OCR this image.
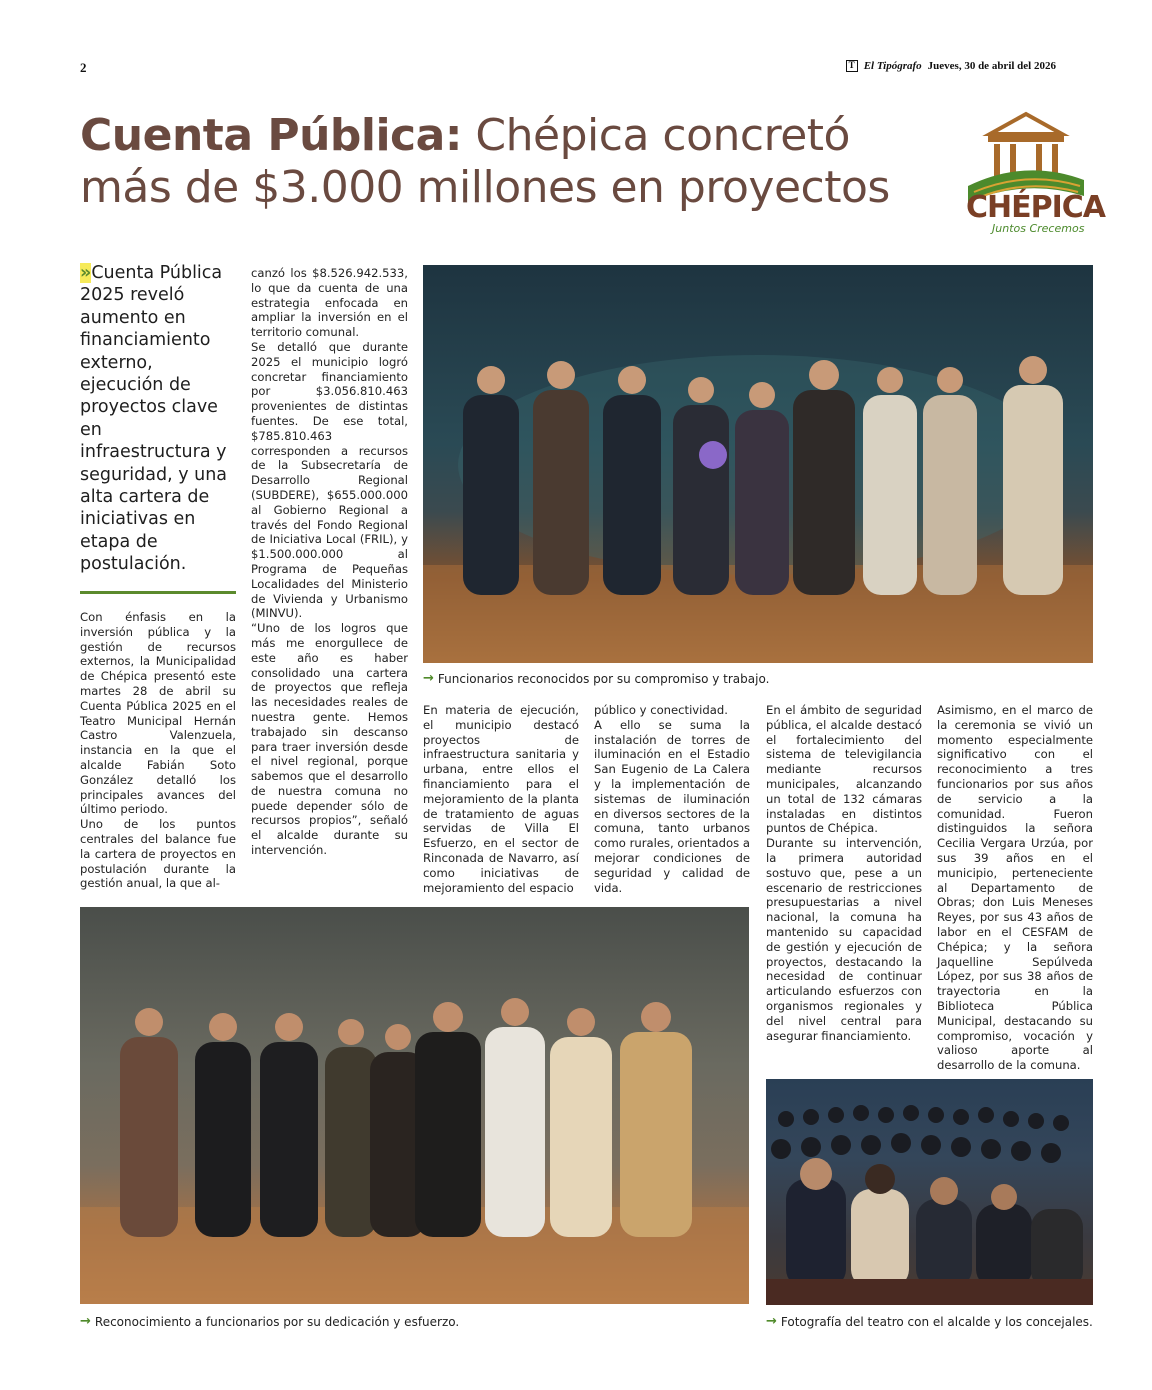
2	T El Tipógrafo Jueves, 30 de abril del 2026
Cuenta Pública: Chépica concretó
más de $3.000 millones en proyectos	CHÉPICA
Juntos Crecemos
»Cuenta Pública 2025 reveló aumento en financiamiento externo, ejecución de proyectos clave en infraestructura y seguridad, y una alta cartera de iniciativas en etapa de postulación.

Con énfasis en la inversión pública y la gestión de recursos externos, la Municipalidad de Chépica presentó este martes 28 de abril su Cuenta Pública 2025 en el Teatro Municipal Hernán Castro Valenzuela, instancia en la que el alcalde Fabián Soto González detalló los principales avances del último periodo.

Uno de los puntos centrales del balance fue la cartera de proyectos en postulación durante la gestión anual, la que al-

canzó los $8.526.942.533, lo que da cuenta de una estrategia enfocada en ampliar la inversión en el territorio comunal.

Se detalló que durante 2025 el municipio logró concretar financiamiento por $3.056.810.463 provenientes de distintas fuentes. De ese total, $785.810.463 corresponden a recursos de la Subsecretaría de Desarrollo Regional (SUBDERE), $655.000.000 al Gobierno Regional a través del Fondo Regional de Iniciativa Local (FRIL), y $1.500.000.000 al Programa de Pequeñas Localidades del Ministerio de Vivienda y Urbanismo (MINVU).

“Uno de los logros que más me enorgullece de este año es haber consolidado una cartera de proyectos que refleja las necesidades reales de nuestra gente. Hemos trabajado sin descanso para traer inversión desde el nivel regional, porque sabemos que el desarrollo de nuestra comuna no puede depender sólo de recursos propios”, señaló el alcalde durante su intervención.

→ Funcionarios reconocidos por su compromiso y trabajo.

En materia de ejecución, el municipio destacó proyectos de infraestructura sanitaria y urbana, entre ellos el financiamiento para el mejoramiento de la planta de tratamiento de aguas servidas de Villa El Esfuerzo, en el sector de Rinconada de Navarro, así como iniciativas de mejoramiento del espacio

público y conectividad.

A ello se suma la instalación de torres de iluminación en el Estadio San Eugenio de La Calera y la implementación de sistemas de iluminación en diversos sectores de la comuna, tanto urbanos como rurales, orientados a mejorar condiciones de seguridad y calidad de vida.

En el ámbito de seguridad pública, el alcalde destacó el fortalecimiento del sistema de televigilancia mediante recursos municipales, alcanzando un total de 132 cámaras instaladas en distintos puntos de Chépica.

Durante su intervención, la primera autoridad sostuvo que, pese a un escenario de restricciones presupuestarias a nivel nacional, la comuna ha mantenido su capacidad de gestión y ejecución de proyectos, destacando la necesidad de continuar articulando esfuerzos con organismos regionales y del nivel central para asegurar financiamiento.

Asimismo, en el marco de la ceremonia se vivió un momento especialmente significativo con el reconocimiento a tres funcionarios por sus años de servicio a la comunidad. Fueron distinguidos la señora Cecilia Vergara Urzúa, por sus 39 años en el municipio, perteneciente al Departamento de Obras; don Luis Meneses Reyes, por sus 43 años de labor en el CESFAM de Chépica; y la señora Jaquelline Sepúlveda López, por sus 38 años de trayectoria en la Biblioteca Pública Municipal, destacando su compromiso, vocación y valioso aporte al desarrollo de la comuna.

→ Reconocimiento a funcionarios por su dedicación y esfuerzo.	→ Fotografía del teatro con el alcalde y los concejales.
